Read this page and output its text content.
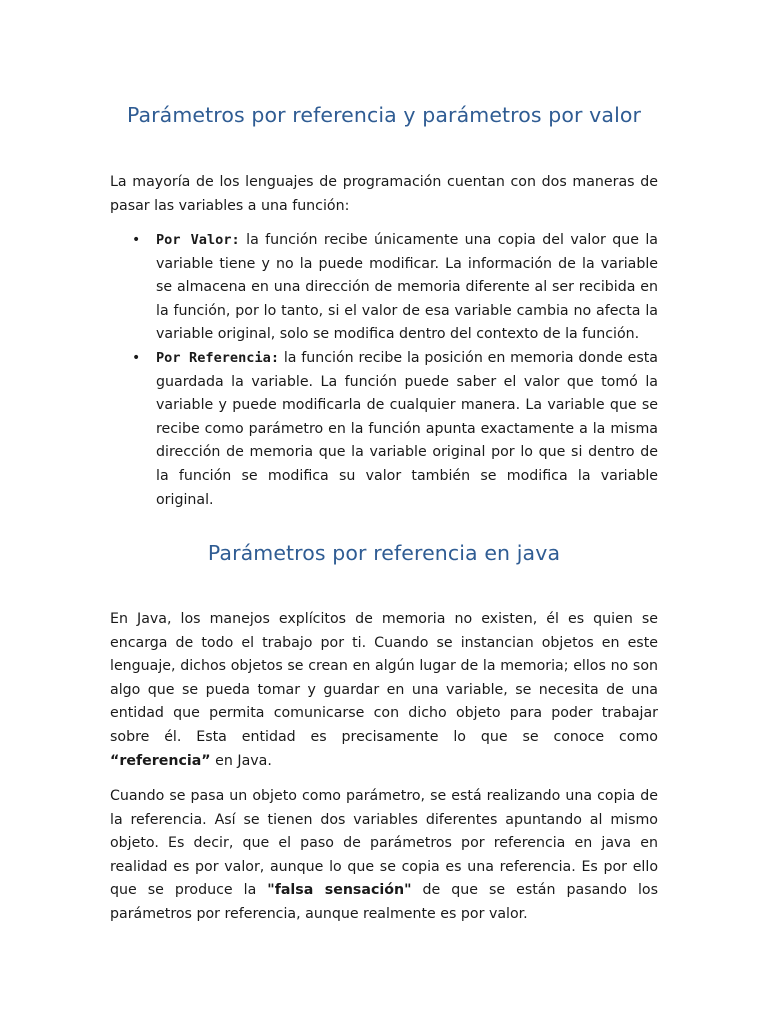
Parámetros por referencia y parámetros por valor

La mayoría de los lenguajes de programación cuentan con dos maneras de pasar las variables a una función:

• Por Valor: la función recibe únicamente una copia del valor que la variable tiene y no la puede modificar. La información de la variable se almacena en una dirección de memoria diferente al ser recibida en la función, por lo tanto, si el valor de esa variable cambia no afecta la variable original, solo se modifica dentro del contexto de la función.
• Por Referencia: la función recibe la posición en memoria donde esta guardada la variable. La función puede saber el valor que tomó la variable y puede modificarla de cualquier manera. La variable que se recibe como parámetro en la función apunta exactamente a la misma dirección de memoria que la variable original por lo que si dentro de la función se modifica su valor también se modifica la variable original.
Parámetros por referencia en java

En Java, los manejos explícitos de memoria no existen, él es quien se encarga de todo el trabajo por ti. Cuando se instancian objetos en este lenguaje, dichos objetos se crean en algún lugar de la memoria; ellos no son algo que se pueda tomar y guardar en una variable, se necesita de una entidad que permita comunicarse con dicho objeto para poder trabajar sobre él. Esta entidad es precisamente lo que se conoce como “referencia” en Java.

Cuando se pasa un objeto como parámetro, se está realizando una copia de la referencia. Así se tienen dos variables diferentes apuntando al mismo objeto. Es decir, que el paso de parámetros por referencia en java en realidad es por valor, aunque lo que se copia es una referencia. Es por ello que se produce la "falsa sensación" de que se están pasando los parámetros por referencia, aunque realmente es por valor.
